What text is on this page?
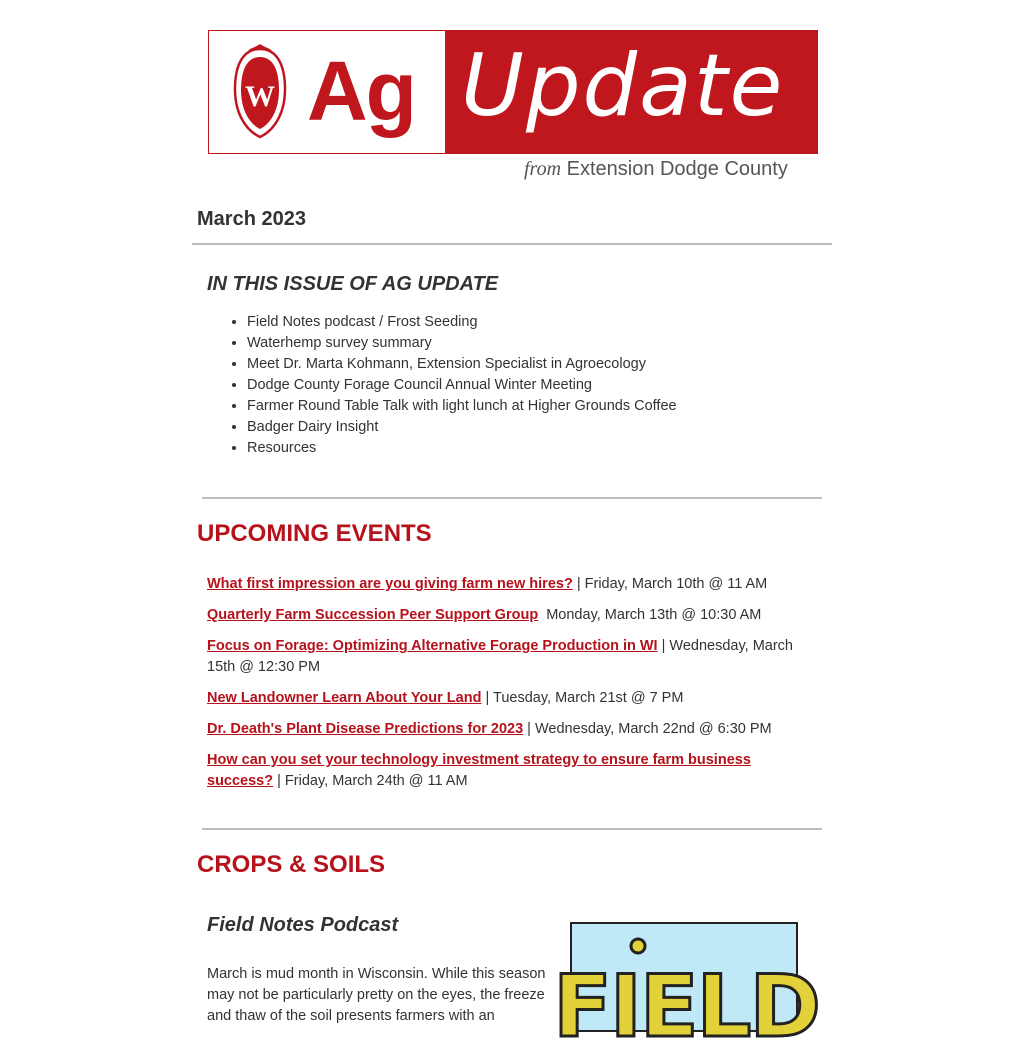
W Ag Update
from Extension Dodge County
March 2023
IN THIS ISSUE OF AG UPDATE
• Field Notes podcast / Frost Seeding
• Waterhemp survey summary
• Meet Dr. Marta Kohmann, Extension Specialist in Agroecology
• Dodge County Forage Council Annual Winter Meeting
• Farmer Round Table Talk with light lunch at Higher Grounds Coffee
• Badger Dairy Insight
• Resources
UPCOMING EVENTS
What first impression are you giving farm new hires? | Friday, March 10th @ 11 AM
Quarterly Farm Succession Peer Support Group  Monday, March 13th @ 10:30 AM
Focus on Forage: Optimizing Alternative Forage Production in WI | Wednesday, March 15th @ 12:30 PM
New Landowner Learn About Your Land | Tuesday, March 21st @ 7 PM
Dr. Death's Plant Disease Predictions for 2023 | Wednesday, March 22nd @ 6:30 PM
How can you set your technology investment strategy to ensure farm business success? | Friday, March 24th @ 11 AM
CROPS & SOILS
Field Notes Podcast
March is mud month in Wisconsin. While this season may not be particularly pretty on the eyes, the freeze and thaw of the soil presents farmers with an FIELD
